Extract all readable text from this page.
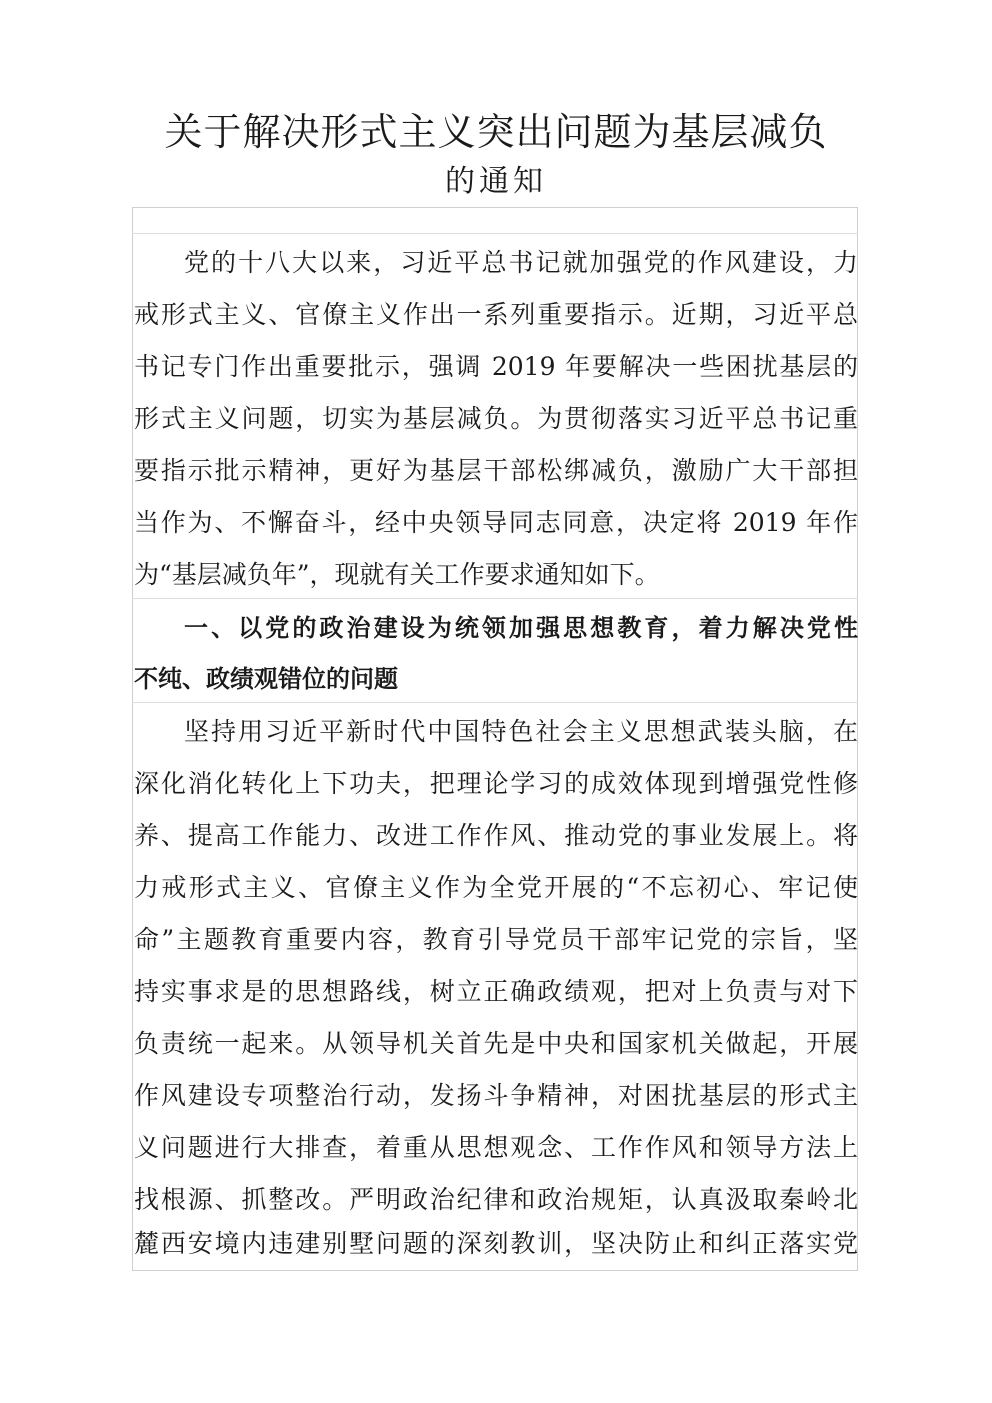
关于解决形式主义突出问题为基层减负
的通知
党的十八大以来，习近平总书记就加强党的作风建设，力
戒形式主义、官僚主义作出一系列重要指示。近期，习近平总
书记专门作出重要批示，强调 2019 年要解决一些困扰基层的
形式主义问题，切实为基层减负。为贯彻落实习近平总书记重
要指示批示精神，更好为基层干部松绑减负，激励广大干部担
当作为、不懈奋斗，经中央领导同志同意，决定将 2019 年作
为“基层减负年”，现就有关工作要求通知如下。
一、以党的政治建设为统领加强思想教育，着力解决党性
不纯、政绩观错位的问题
坚持用习近平新时代中国特色社会主义思想武装头脑，在
深化消化转化上下功夫，把理论学习的成效体现到增强党性修
养、提高工作能力、改进工作作风、推动党的事业发展上。将
力戒形式主义、官僚主义作为全党开展的“不忘初心、牢记使
命”主题教育重要内容，教育引导党员干部牢记党的宗旨，坚
持实事求是的思想路线，树立正确政绩观，把对上负责与对下
负责统一起来。从领导机关首先是中央和国家机关做起，开展
作风建设专项整治行动，发扬斗争精神，对困扰基层的形式主
义问题进行大排查，着重从思想观念、工作作风和领导方法上
找根源、抓整改。严明政治纪律和政治规矩，认真汲取秦岭北
麓西安境内违建别墅问题的深刻教训，坚决防止和纠正落实党
